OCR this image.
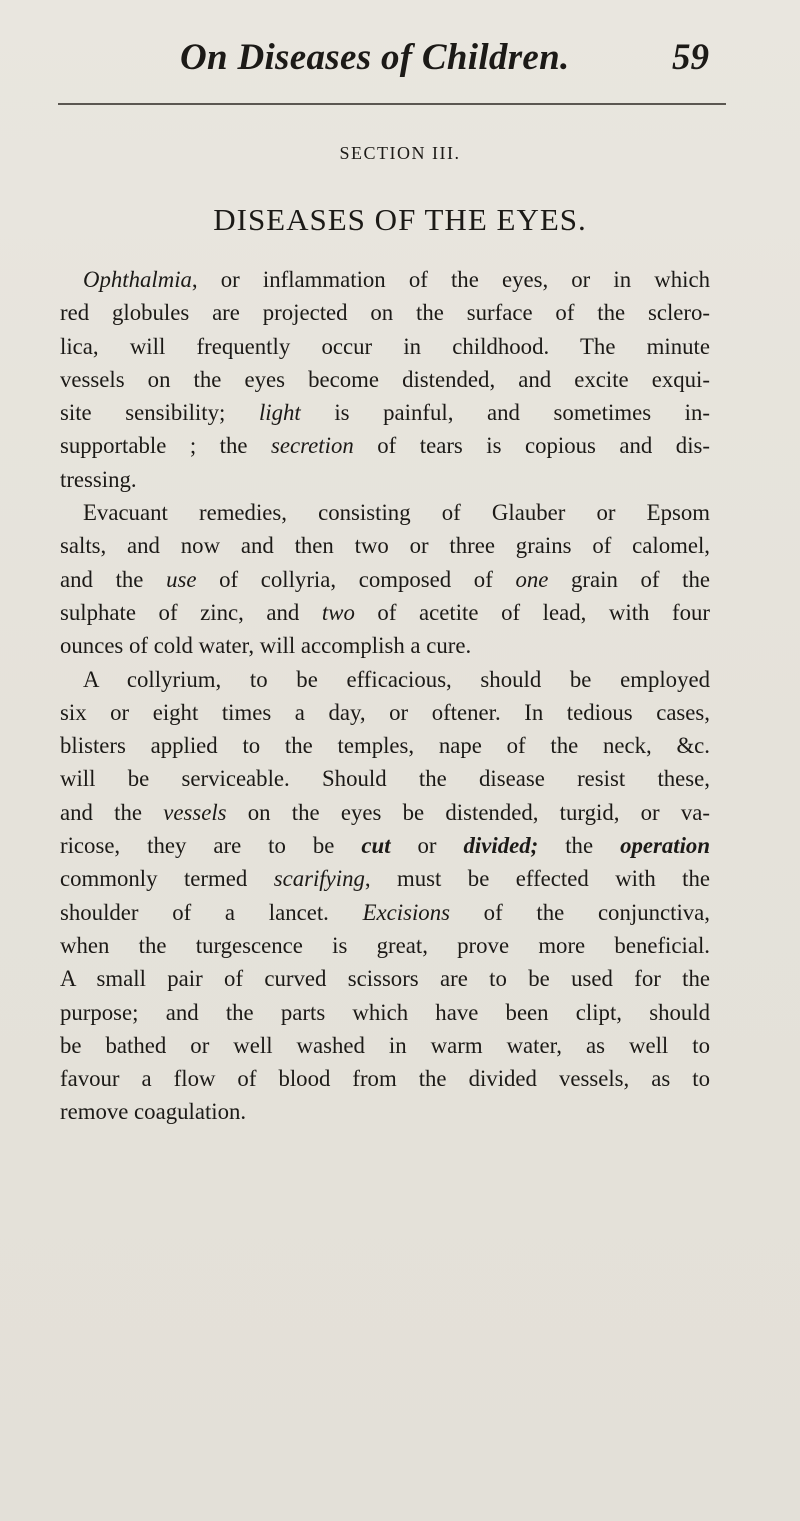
On Diseases of Children.	59
SECTION III.
DISEASES OF THE EYES.
Ophthalmia, or inflammation of the eyes, or in which
red globules are projected on the surface of the sclero-
lica, will frequently occur in childhood. The minute
vessels on the eyes become distended, and excite exqui-
site sensibility; light is painful, and sometimes in-
supportable ; the secretion of tears is copious and dis-
tressing.
Evacuant remedies, consisting of Glauber or Epsom
salts, and now and then two or three grains of calomel,
and the use of collyria, composed of one grain of the
sulphate of zinc, and two of acetite of lead, with four
ounces of cold water, will accomplish a cure.
A collyrium, to be efficacious, should be employed
six or eight times a day, or oftener. In tedious cases,
blisters applied to the temples, nape of the neck, &c.
will be serviceable. Should the disease resist these,
and the vessels on the eyes be distended, turgid, or va-
ricose, they are to be cut or divided; the operation
commonly termed scarifying, must be effected with the
shoulder of a lancet. Excisions of the conjunctiva,
when the turgescence is great, prove more beneficial.
A small pair of curved scissors are to be used for the
purpose; and the parts which have been clipt, should
be bathed or well washed in warm water, as well to
favour a flow of blood from the divided vessels, as to
remove coagulation.
